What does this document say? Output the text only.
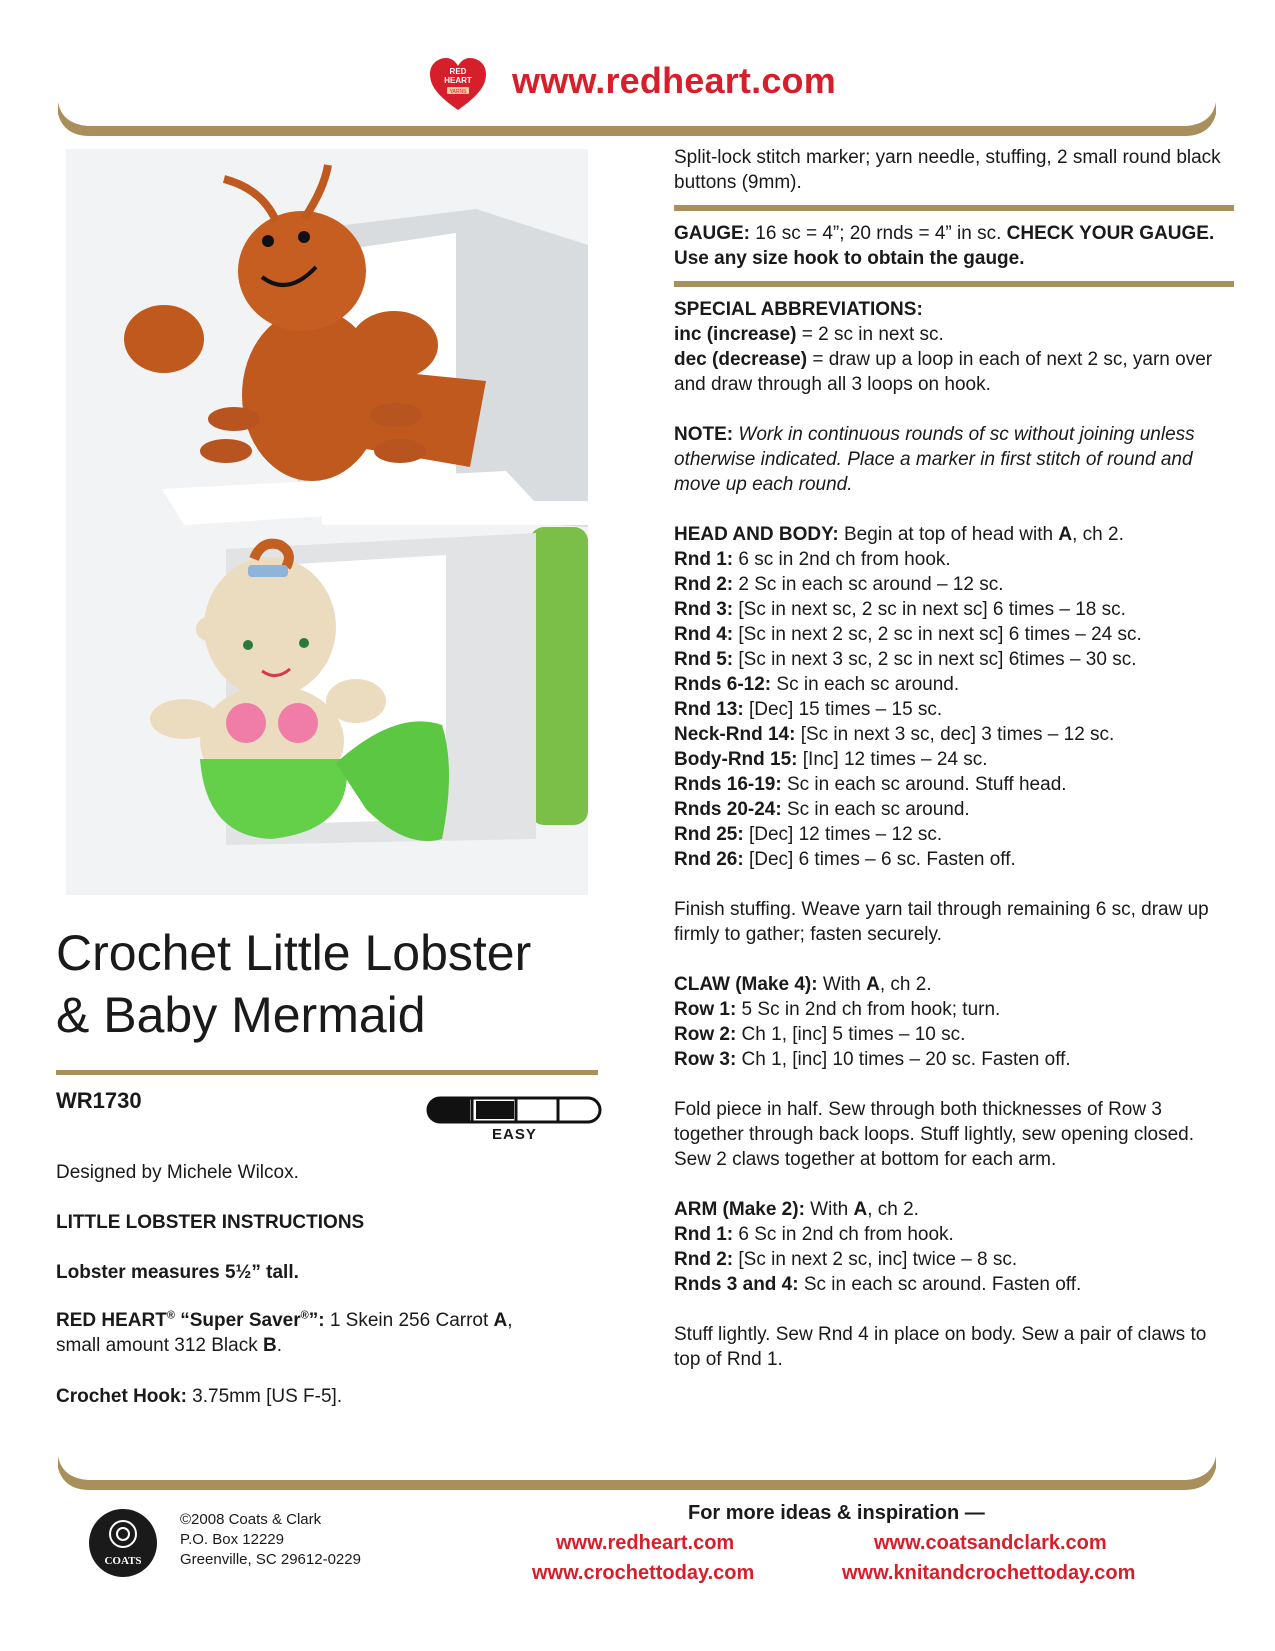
RED
HEART
YARNS www.redheart.com
Crochet Little Lobster
& Baby Mermaid
WR1730
EASY
Designed by Michele Wilcox.
LITTLE LOBSTER INSTRUCTIONS
Lobster measures 5½” tall.
RED HEART® “Super Saver®”: 1 Skein 256 Carrot A,
small amount 312 Black B.
Crochet Hook: 3.75mm [US F-5].

Split-lock stitch marker; yarn needle, stuffing, 2 small round black buttons (9mm).

GAUGE: 16 sc = 4”; 20 rnds = 4” in sc. CHECK YOUR GAUGE. Use any size hook to obtain the gauge.

SPECIAL ABBREVIATIONS:

inc (increase) = 2 sc in next sc.

dec (decrease) = draw up a loop in each of next 2 sc, yarn over and draw through all 3 loops on hook.

NOTE: Work in continuous rounds of sc without joining unless otherwise indicated. Place a marker in first stitch of round and move up each round.

HEAD AND BODY: Begin at top of head with A, ch 2.

Rnd 1: 6 sc in 2nd ch from hook.

Rnd 2: 2 Sc in each sc around – 12 sc.

Rnd 3: [Sc in next sc, 2 sc in next sc] 6 times – 18 sc.

Rnd 4: [Sc in next 2 sc, 2 sc in next sc] 6 times – 24 sc.

Rnd 5: [Sc in next 3 sc, 2 sc in next sc] 6times – 30 sc.

Rnds 6-12: Sc in each sc around.

Rnd 13: [Dec] 15 times – 15 sc.

Neck-Rnd 14: [Sc in next 3 sc, dec] 3 times – 12 sc.

Body-Rnd 15: [Inc] 12 times – 24 sc.

Rnds 16-19: Sc in each sc around. Stuff head.

Rnds 20-24: Sc in each sc around.

Rnd 25: [Dec] 12 times – 12 sc.

Rnd 26: [Dec] 6 times – 6 sc. Fasten off.

Finish stuffing. Weave yarn tail through remaining 6 sc, draw up firmly to gather; fasten securely.

CLAW (Make 4): With A, ch 2.

Row 1: 5 Sc in 2nd ch from hook; turn.

Row 2: Ch 1, [inc] 5 times – 10 sc.

Row 3: Ch 1, [inc] 10 times – 20 sc. Fasten off.

Fold piece in half. Sew through both thicknesses of Row 3 together through back loops. Stuff lightly, sew opening closed. Sew 2 claws together at bottom for each arm.

ARM (Make 2): With A, ch 2.

Rnd 1: 6 Sc in 2nd ch from hook.

Rnd 2: [Sc in next 2 sc, inc] twice – 8 sc.

Rnds 3 and 4: Sc in each sc around. Fasten off.

Stuff lightly. Sew Rnd 4 in place on body. Sew a pair of claws to top of Rnd 1.

COATS
©2008 Coats & Clark
P.O. Box 12229
Greenville, SC 29612-0229
For more ideas & inspiration —
www.redheart.com	www.coatsandclark.com
www.crochettoday.com	www.knitandcrochettoday.com
